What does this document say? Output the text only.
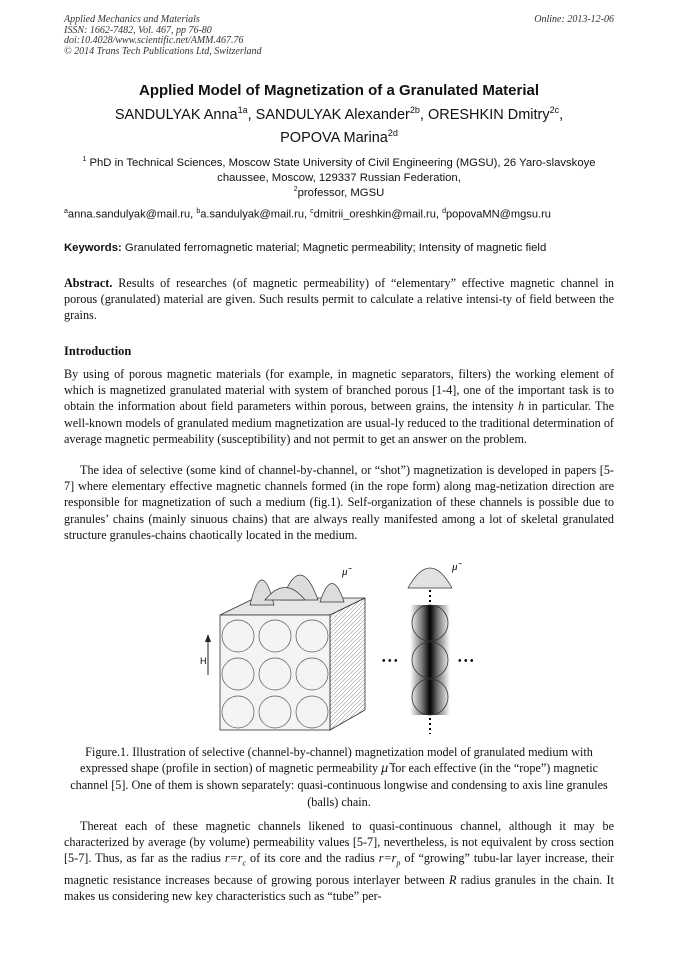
Applied Mechanics and Materials
ISSN: 1662-7482, Vol. 467, pp 76-80
doi:10.4028/www.scientific.net/AMM.467.76
© 2014 Trans Tech Publications Ltd, Switzerland
Online: 2013-12-06
Applied Model of Magnetization of a Granulated Material
SANDULYAK Anna$^{1a}$, SANDULYAK Alexander$^{2b}$, ORESHKIN Dmitry$^{2c}$,
POPOVA Marina$^{2d}$
$^1$ PhD in Technical Sciences, Moscow State University of Civil Engineering (MGSU), 26 Yaro-slavskoye chaussee, Moscow, 129337 Russian Federation,
$^2$professor, MGSU
$^a$anna.sandulyak@mail.ru, $^b$a.sandulyak@mail.ru, $^c$dmitrii_oreshkin@mail.ru, $^d$popovaMN@mgsu.ru
Keywords: Granulated ferromagnetic material; Magnetic permeability; Intensity of magnetic field
Abstract. Results of researches (of magnetic permeability) of “elementary” effective magnetic channel in porous (granulated) material are given. Such results permit to calculate a relative intensi-ty of field between the grains.
Introduction
By using of porous magnetic materials (for example, in magnetic separators, filters) the working element of which is magnetized granulated material with system of branched porous [1-4], one of the important task is to obtain the information about field parameters within porous, between grains, the intensity h in particular. The well-known models of granulated medium magnetization are usual-ly reduced to the traditional determination of average magnetic permeability (susceptibility) and not permit to get an answer on the problem.
The idea of selective (some kind of channel-by-channel, or “shot”) magnetization is developed in papers [5-7] where elementary effective magnetic channels formed (in the rope form) along mag-netization direction are responsible for magnetization of such a medium (fig.1). Self-organization of these channels is possible due to granules’ chains (mainly sinuous chains) that are always really manifested among a lot of skeletal granulated structure granules-chains chaotically located in the medium.
H
μ̃	μ̃
• • •	• • •
Figure.1. Illustration of selective (channel-by-channel) magnetization model of granulated medium with expressed shape (profile in section) of magnetic permeability μ̃ for each effective (in the “rope”) magnetic channel [5]. One of them is shown separately: quasi-continuous longwise and condensing to axis line granules (balls) chain.
Thereat each of these magnetic channels likened to quasi-continuous channel, although it may be characterized by average (by volume) permeability values [5-7], nevertheless, is not equivalent by cross section [5-7]. Thus, as far as the radius $r=r_c$ of its core and the radius $r=r_p$ of “growing” tubu-lar layer increase, their magnetic resistance increases because of growing porous interlayer between R radius granules in the chain. It makes us considering new key characteristics such as “tube” per-
